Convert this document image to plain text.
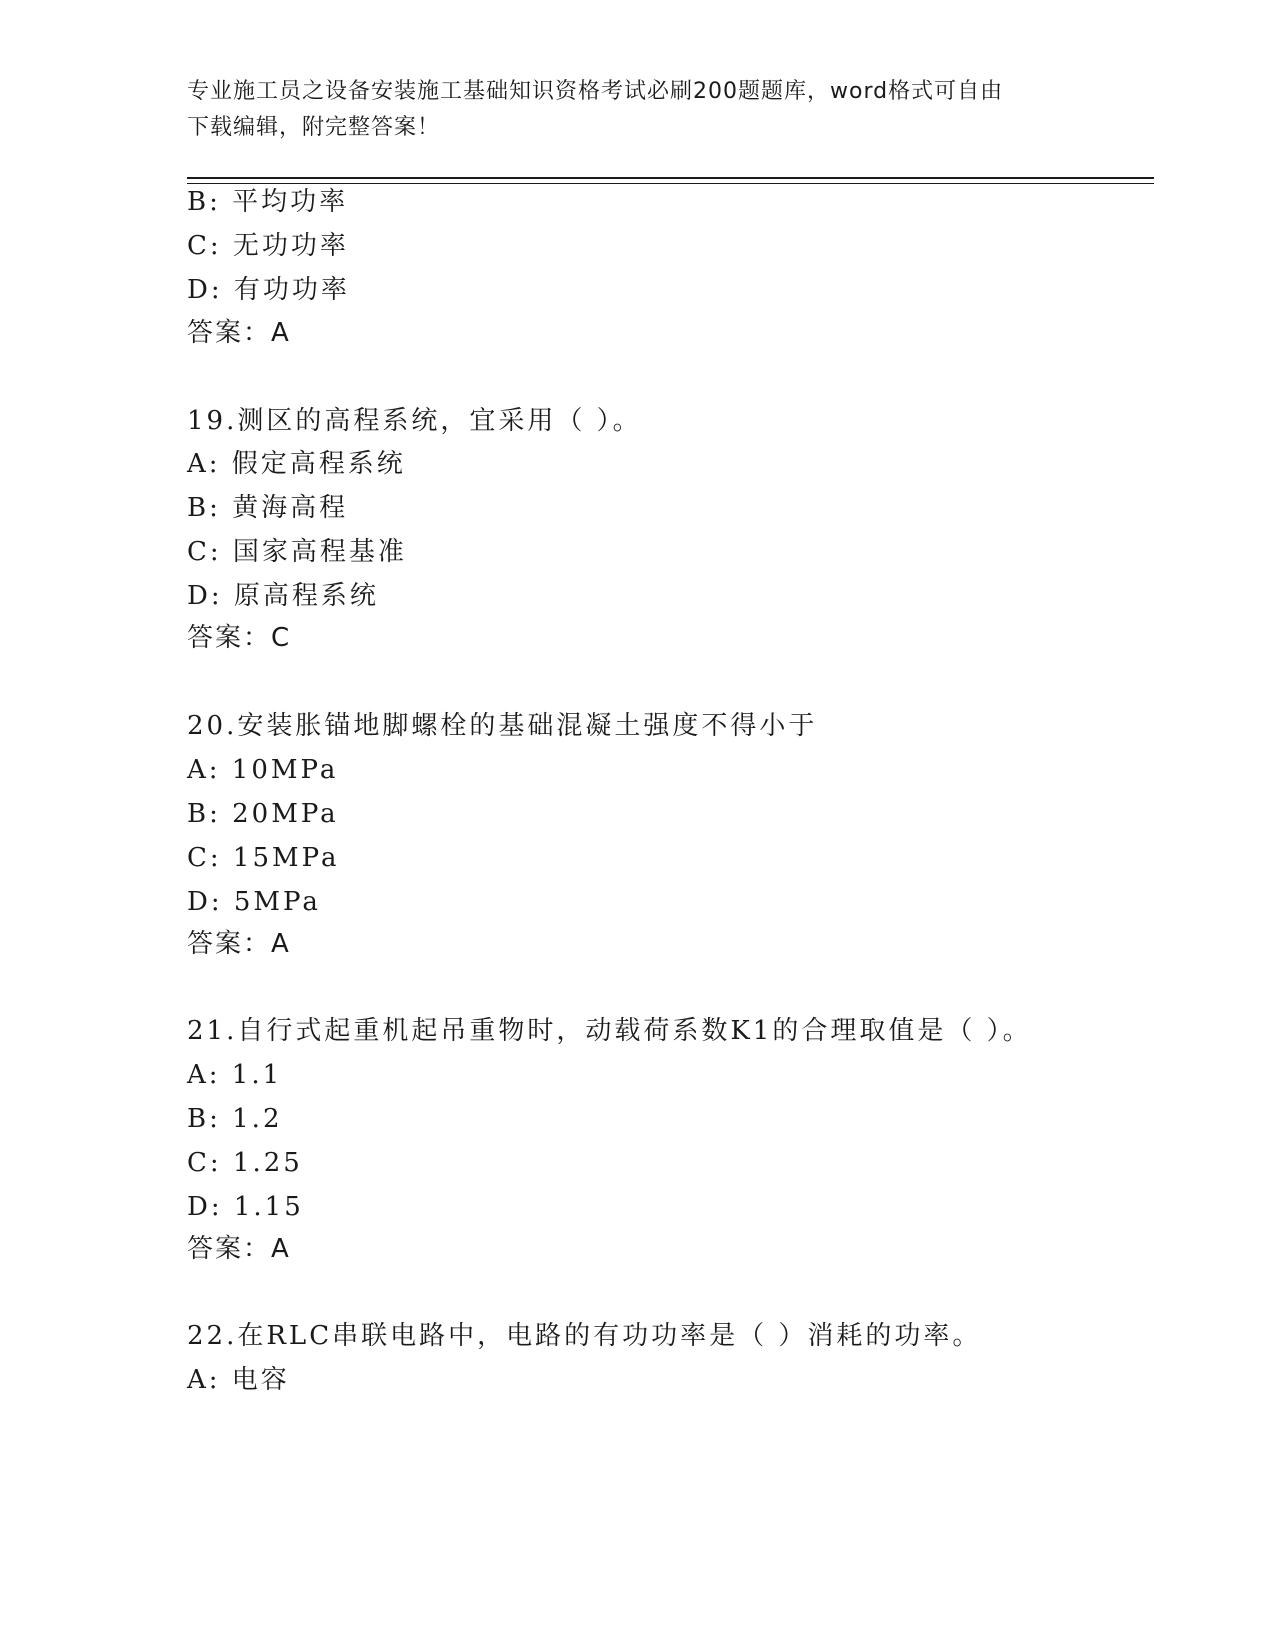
专业施工员之设备安装施工基础知识资格考试必刷200题题库，word格式可自由
下载编辑，附完整答案！
B: 平均功率
C: 无功功率
D: 有功功率
答案：A
19.测区的高程系统，宜采用（ ）。
A: 假定高程系统
B: 黄海高程
C: 国家高程基准
D: 原高程系统
答案：C
20.安装胀锚地脚螺栓的基础混凝土强度不得小于
A: 10MPa
B: 20MPa
C: 15MPa
D: 5MPa
答案：A
21.自行式起重机起吊重物时，动载荷系数K1的合理取值是（ ）。
A: 1.1
B: 1.2
C: 1.25
D: 1.15
答案：A
22.在RLC串联电路中，电路的有功功率是（ ）消耗的功率。
A: 电容
